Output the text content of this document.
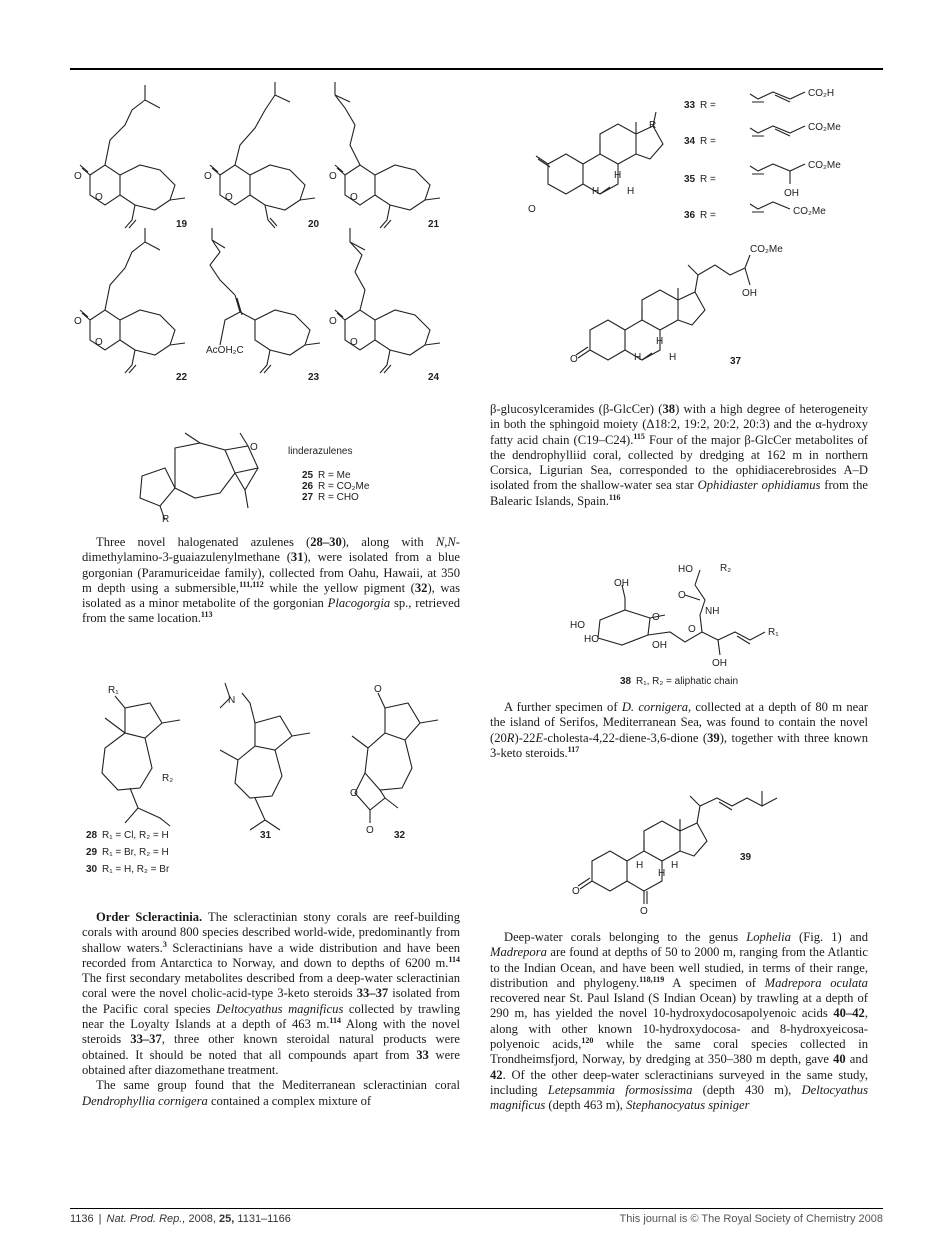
O
O
O
O
O
O
O
O
O
O
AcOH₂C
19	20	21
22	23	24
O
R
linderazulenes
25 R = Me
26 R = CO₂Me
27 R = CHO

Three novel halogenated azulenes (28–30), along with N,N-dimethylamino-3-guaiazulenylmethane (31), were isolated from a blue gorgonian (Paramuriceidae family), collected from Oahu, Hawaii, at 350 m depth using a submersible,$^{111,112}$ while the yellow pigment (32), was isolated as a minor metabolite of the gorgonian Placogorgia sp., retrieved from the same location.$^{113}$

R₁
R₂
N
O
O
O
31	32
28 R₁ = Cl, R₂ = H
29 R₁ = Br, R₂ = H
30 R₁ = H, R₂ = Br

Order Scleractinia. The scleractinian stony corals are reef-building corals with around 800 species described world-wide, predominantly from shallow waters.$^3$ Scleractinians have a wide distribution and have been recorded from Antarctica to Norway, and down to depths of 6200 m.$^{114}$ The first secondary metabolites described from a deep-water scleractinian coral were the novel cholic-acid-type 3-keto steroids 33–37 isolated from the Pacific coral species Deltocyathus magnificus collected by trawling near the Loyalty Islands at a depth of 463 m.$^{114}$ Along with the novel steroids 33–37, three other known steroidal natural products were obtained. It should be noted that all compounds apart from 33 were obtained after diazomethane treatment.

The same group found that the Mediterranean scleractinian coral Dendrophyllia cornigera contained a complex mixture of

O
R
H
H
H
33 R =
CO₂H
34 R =
CO₂Me
35 R =
CO₂Me
OH
36 R =	CO₂Me
O
CO₂Me
OH
H
H
H	37

β-glucosylceramides (β-GlcCer) (38) with a high degree of heterogeneity in both the sphingoid moiety (Δ18:2, 19:2, 20:2, 20:3) and the α-hydroxy fatty acid chain (C19–C24).$^{115}$ Four of the major β-GlcCer metabolites of the dendrophylliid coral, collected by dredging at 162 m in northern Corsica, Ligurian Sea, corresponded to the ophidiacerebrosides A–D isolated from the shallow-water sea star Ophidiaster ophidiamus from the Balearic Islands, Spain.$^{116}$

OH
HO	R₂
O
NH
HO
HO
O
O
OH
OH
R₁
38 R₁, R₂ = aliphatic chain

A further specimen of D. cornigera, collected at a depth of 80 m near the island of Serifos, Mediterranean Sea, was found to contain the novel (20R)-22E-cholesta-4,22-diene-3,6-dione (39), together with three known 3-keto steroids.$^{117}$

O
O
H
H
H
39

Deep-water corals belonging to the genus Lophelia (Fig. 1) and Madrepora are found at depths of 50 to 2000 m, ranging from the Atlantic to the Indian Ocean, and have been well studied, in terms of their range, distribution and phylogeny.$^{118,119}$ A specimen of Madrepora oculata recovered near St. Paul Island (S Indian Ocean) by trawling at a depth of 290 m, has yielded the novel 10-hydroxydocosapolyenoic acids 40–42, along with other known 10-hydroxydocosa- and 8-hydroxyeicosa-polyenoic acids,$^{120}$ while the same coral species collected in Trondheimsfjord, Norway, by dredging at 350–380 m depth, gave 40 and 42. Of the other deep-water scleractinians surveyed in the same study, including Letepsammia formosissima (depth 430 m), Deltocyathus magnificus (depth 463 m), Stephanocyatus spiniger

1136 | Nat. Prod. Rep., 2008, 25, 1131–1166	This journal is © The Royal Society of Chemistry 2008
